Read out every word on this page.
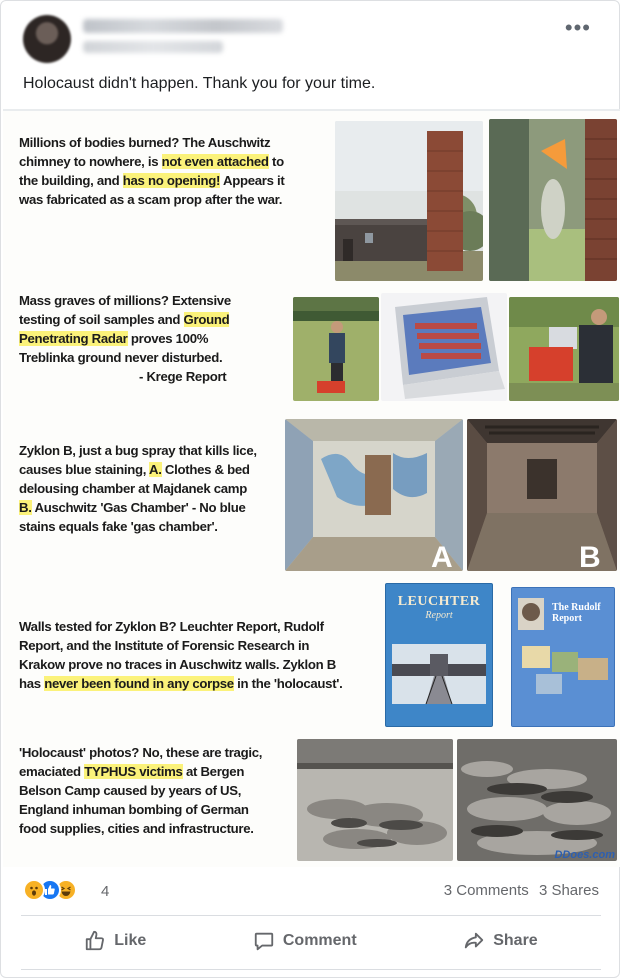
•••
Holocaust didn't happen. Thank you for your time.
Millions of bodies burned? The Auschwitz
chimney to nowhere, is not even attached to
the building, and has no opening! Appears it
was fabricated as a scam prop after the war.
Mass graves of millions? Extensive
testing of soil samples and Ground
Penetrating Radar proves 100%
Treblinka ground never disturbed.
- Krege Report
Zyklon B, just a bug spray that kills lice,
causes blue staining, A. Clothes & bed
delousing chamber at Majdanek camp
B. Auschwitz 'Gas Chamber' - No blue
stains equals fake 'gas chamber'.
A	B
Walls tested for Zyklon B? Leuchter Report, Rudolf
Report, and the Institute of Forensic Research in
Krakow prove no traces in Auschwitz walls. Zyklon B
has never been found in any corpse in the 'holocaust'.
LEUCHTER
Report
The Rudolf Report
'Holocaust' photos? No, these are tragic,
emaciated TYPHUS victims at Bergen
Belson Camp caused by years of US,
England inhuman bombing of German
food supplies, cities and infrastructure.
DDoes.com
4	3 Comments 3 Shares
Like	Comment	Share
